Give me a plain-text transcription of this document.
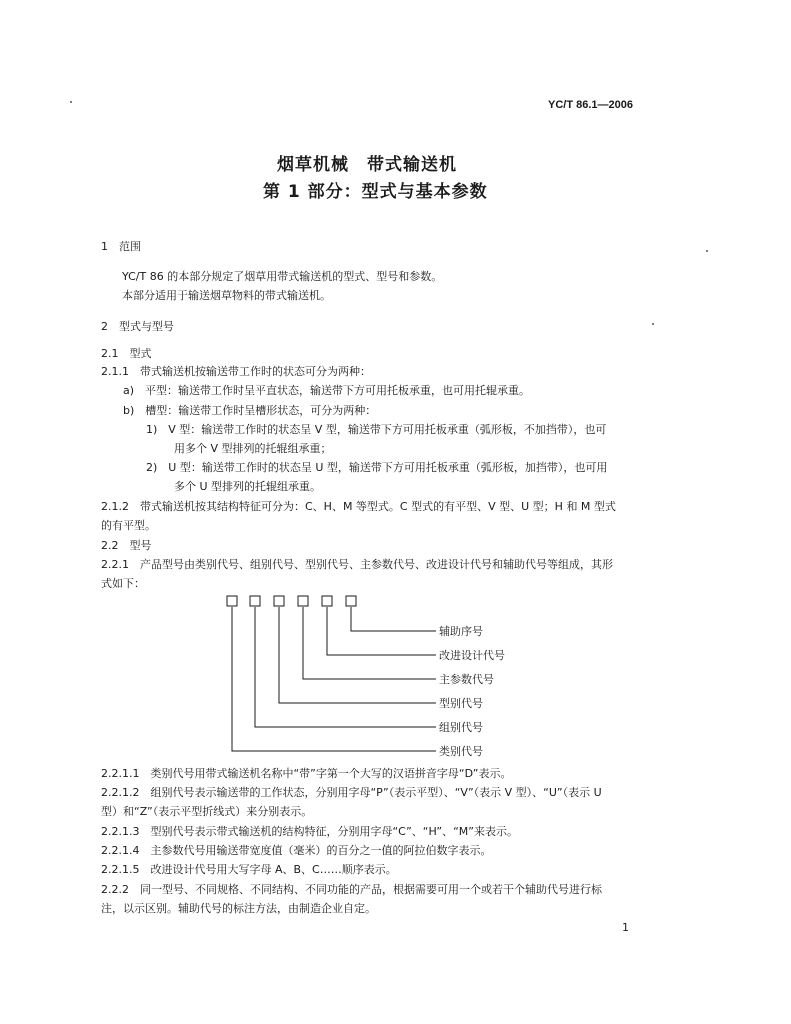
YC/T 86.1—2006
烟草机械　带式输送机
第 1 部分：型式与基本参数
1　范围
YC/T 86 的本部分规定了烟草用带式输送机的型式、型号和参数。
本部分适用于输送烟草物料的带式输送机。
2　型式与型号
2.1　型式
2.1.1　带式输送机按输送带工作时的状态可分为两种：
a)　平型：输送带工作时呈平直状态，输送带下方可用托板承重，也可用托辊承重。
b)　槽型：输送带工作时呈槽形状态，可分为两种：
1)　V 型：输送带工作时的状态呈 V 型，输送带下方可用托板承重（弧形板，不加挡带），也可
用多个 V 型排列的托辊组承重；
2)　U 型：输送带工作时的状态呈 U 型，输送带下方可用托板承重（弧形板，加挡带），也可用
多个 U 型排列的托辊组承重。
2.1.2　带式输送机按其结构特征可分为：C、H、M 等型式。C 型式的有平型、V 型、U 型；H 和 M 型式
的有平型。
2.2　型号
2.2.1　产品型号由类别代号、组别代号、型别代号、主参数代号、改进设计代号和辅助代号等组成，其形
式如下：
辅助序号
改进设计代号
主参数代号
型别代号
组别代号
类别代号
2.2.1.1　类别代号用带式输送机名称中“带”字第一个大写的汉语拼音字母“D”表示。
2.2.1.2　组别代号表示输送带的工作状态，分别用字母“P”（表示平型）、“V”（表示 V 型）、“U”（表示 U
型）和“Z”（表示平型折线式）来分别表示。
2.2.1.3　型别代号表示带式输送机的结构特征，分别用字母“C”、“H”、“M”来表示。
2.2.1.4　主参数代号用输送带宽度值（毫米）的百分之一值的阿拉伯数字表示。
2.2.1.5　改进设计代号用大写字母 A、B、C……顺序表示。
2.2.2　同一型号、不同规格、不同结构、不同功能的产品，根据需要可用一个或若干个辅助代号进行标
注，以示区别。辅助代号的标注方法，由制造企业自定。
1
